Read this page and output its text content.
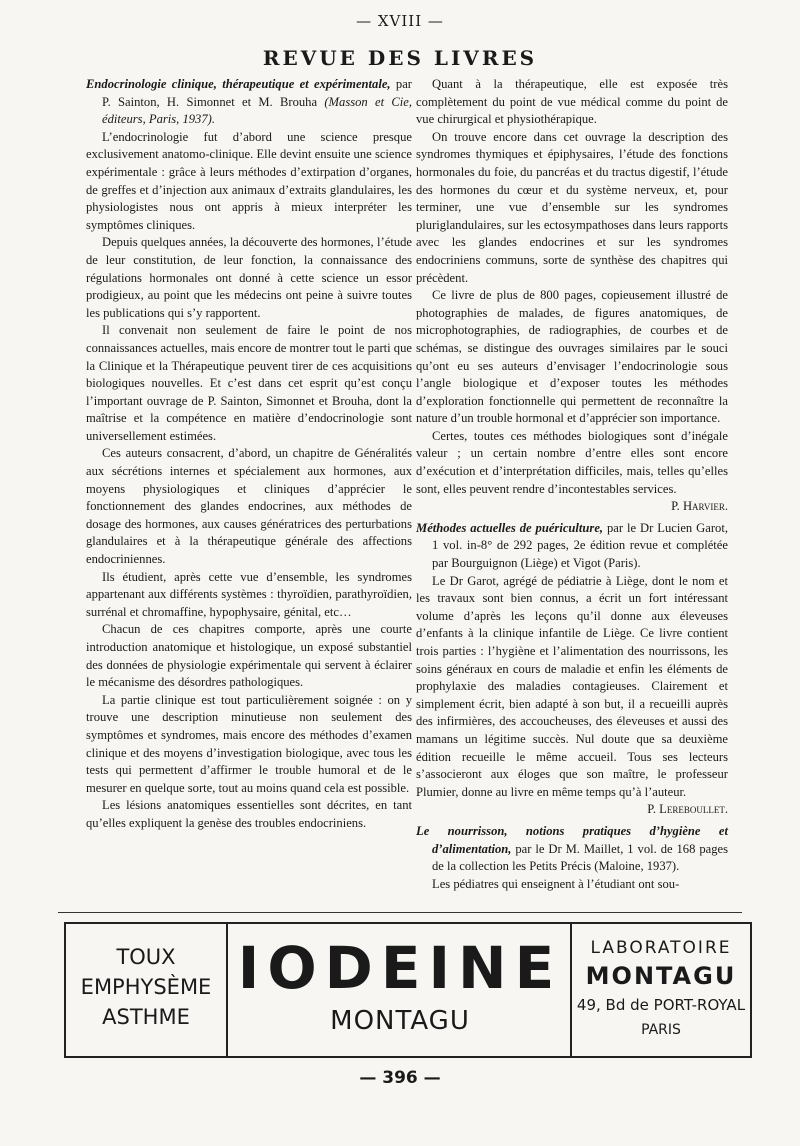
— XVIII —
REVUE DES LIVRES

Endocrinologie clinique, thérapeutique et expérimentale, par P. Sainton, H. Simonnet et M. Brouha (Masson et Cie, éditeurs, Paris, 1937).

L’endocrinologie fut d’abord une science presque exclusivement anatomo-clinique. Elle devint ensuite une science expérimentale : grâce à leurs méthodes d’extirpation d’organes, de greffes et d’injection aux animaux d’extraits glandulaires, les physiologistes nous ont appris à mieux interpréter les symptômes cliniques.

Depuis quelques années, la découverte des hormones, l’étude de leur constitution, de leur fonction, la connaissance des régulations hormonales ont donné à cette science un essor prodigieux, au point que les médecins ont peine à suivre toutes les publications qui s’y rapportent.

Il convenait non seulement de faire le point de nos connaissances actuelles, mais encore de montrer tout le parti que la Clinique et la Thérapeutique peuvent tirer de ces acquisitions biologiques nouvelles. Et c’est dans cet esprit qu’est conçu l’important ouvrage de P. Sainton, Simonnet et Brouha, dont la maîtrise et la compétence en matière d’endocrinologie sont universellement estimées.

Ces auteurs consacrent, d’abord, un chapitre de Généralités aux sécrétions internes et spécialement aux hormones, aux moyens physiologiques et cliniques d’apprécier le fonctionnement des glandes endocrines, aux méthodes de dosage des hormones, aux causes génératrices des perturbations glandulaires et à la thérapeutique générale des affections endocriniennes.

Ils étudient, après cette vue d’ensemble, les syndromes appartenant aux différents systèmes : thyroïdien, parathyroïdien, surrénal et chromaffine, hypophysaire, génital, etc…

Chacun de ces chapitres comporte, après une courte introduction anatomique et histologique, un exposé substantiel des données de physiologie expérimentale qui servent à éclairer le mécanisme des désordres pathologiques.

La partie clinique est tout particulièrement soignée : on y trouve une description minutieuse non seulement des symptômes et syndromes, mais encore des méthodes d’examen clinique et des moyens d’investigation biologique, avec tous les tests qui permettent d’affirmer le trouble humoral et de le mesurer en quelque sorte, tout au moins quand cela est possible.

Les lésions anatomiques essentielles sont décrites, en tant qu’elles expliquent la genèse des troubles endocriniens.

Quant à la thérapeutique, elle est exposée très complètement du point de vue médical comme du point de vue chirurgical et physiothérapique.

On trouve encore dans cet ouvrage la description des syndromes thymiques et épiphysaires, l’étude des fonctions hormonales du foie, du pancréas et du tractus digestif, l’étude des hormones du cœur et du système nerveux, et, pour terminer, une vue d’ensemble sur les syndromes pluriglandulaires, sur les ectosympathoses dans leurs rapports avec les glandes endocrines et sur les syndromes endocriniens communs, sorte de synthèse des chapitres qui précèdent.

Ce livre de plus de 800 pages, copieusement illustré de photographies de malades, de figures anatomiques, de microphotographies, de radiographies, de courbes et de schémas, se distingue des ouvrages similaires par le souci qu’ont eu ses auteurs d’envisager l’endocrinologie sous l’angle biologique et d’exposer toutes les méthodes d’exploration fonctionnelle qui permettent de reconnaître la nature d’un trouble hormonal et d’apprécier son importance.

Certes, toutes ces méthodes biologiques sont d’inégale valeur ; un certain nombre d’entre elles sont encore d’exécution et d’interprétation difficiles, mais, telles qu’elles sont, elles peuvent rendre d’incontestables services.

P. Harvier.

Méthodes actuelles de puériculture, par le Dr Lucien Garot, 1 vol. in-8° de 292 pages, 2e édition revue et complétée par Bourguignon (Liège) et Vigot (Paris).

Le Dr Garot, agrégé de pédiatrie à Liège, dont le nom et les travaux sont bien connus, a écrit un fort intéressant volume d’après les leçons qu’il donne aux éleveuses d’enfants à la clinique infantile de Liège. Ce livre contient trois parties : l’hygiène et l’alimentation des nourrissons, les soins généraux en cours de maladie et enfin les éléments de prophylaxie des maladies contagieuses. Clairement et simplement écrit, bien adapté à son but, il a recueilli auprès des infirmières, des accoucheuses, des éleveuses et aussi des mamans un légitime succès. Nul doute que sa deuxième édition recueille le même accueil. Tous ses lecteurs s’associeront aux éloges que son maître, le professeur Plumier, donne au livre en même temps qu’à l’auteur.

P. Lereboullet.

Le nourrisson, notions pratiques d’hygiène et d’alimentation, par le Dr M. Maillet, 1 vol. de 168 pages de la collection les Petits Précis (Maloine, 1937).

Les pédiatres qui enseignent à l’étudiant ont sou-

TOUX
EMPHYSÈME
ASTHME
IODEINE
MONTAGU
LABORATOIRE
MONTAGU
49, Bd de PORT-ROYAL
PARIS
— 396 —
